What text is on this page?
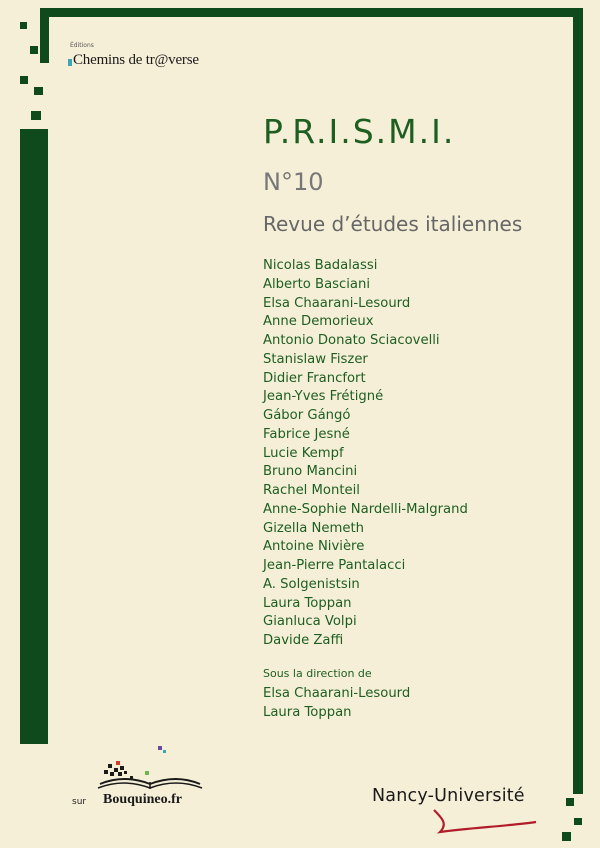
Éditions
Chemins de tr@verse
P.R.I.S.M.I.
N°10
Revue d’études italiennes
Nicolas Badalassi
Alberto Basciani
Elsa Chaarani-Lesourd
Anne Demorieux
Antonio Donato Sciacovelli
Stanislaw Fiszer
Didier Francfort
Jean-Yves Frétigné
Gábor Gángó
Fabrice Jesné
Lucie Kempf
Bruno Mancini
Rachel Monteil
Anne-Sophie Nardelli-Malgrand
Gizella Nemeth
Antoine Nivière
Jean-Pierre Pantalacci
A. Solgenistsin
Laura Toppan
Gianluca Volpi
Davide Zaffi
Sous la direction de
Elsa Chaarani-Lesourd
Laura Toppan
sur Bouquineo.fr	Nancy-Université
